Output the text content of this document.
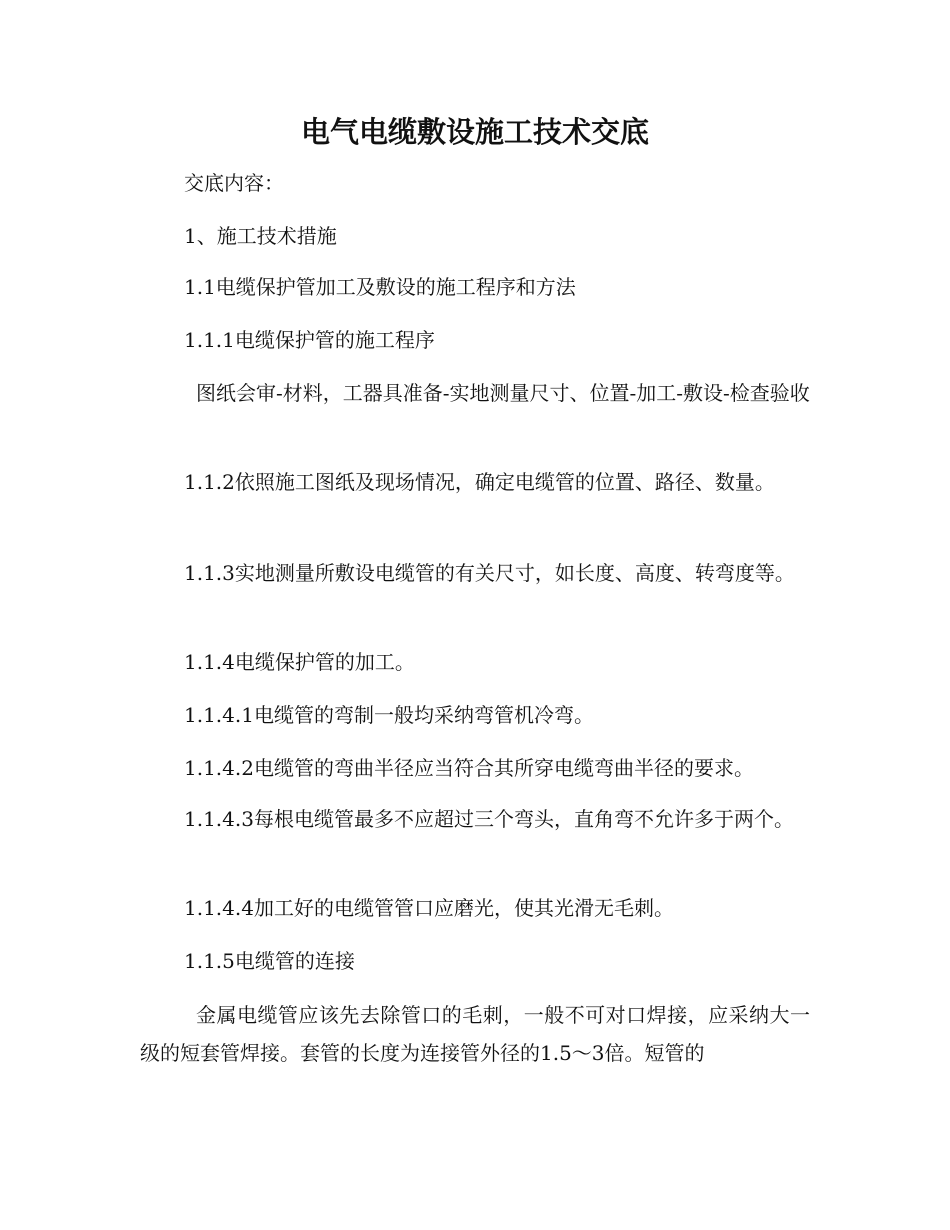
电气电缆敷设施工技术交底

交底内容：

1、施工技术措施

1.1电缆保护管加工及敷设的施工程序和方法

1.1.1电缆保护管的施工程序

图纸会审-材料，工器具准备-实地测量尺寸、位置-加工-敷设-检查验收

1.1.2依照施工图纸及现场情况，确定电缆管的位置、路径、数量。

1.1.3实地测量所敷设电缆管的有关尺寸，如长度、高度、转弯度等。

1.1.4电缆保护管的加工。

1.1.4.1电缆管的弯制一般均采纳弯管机冷弯。

1.1.4.2电缆管的弯曲半径应当符合其所穿电缆弯曲半径的要求。

1.1.4.3每根电缆管最多不应超过三个弯头，直角弯不允许多于两个。

1.1.4.4加工好的电缆管管口应磨光，使其光滑无毛刺。

1.1.5电缆管的连接

金属电缆管应该先去除管口的毛刺，一般不可对口焊接，应采纳大一级的短套管焊接。套管的长度为连接管外径的1.5～3倍。短管的
